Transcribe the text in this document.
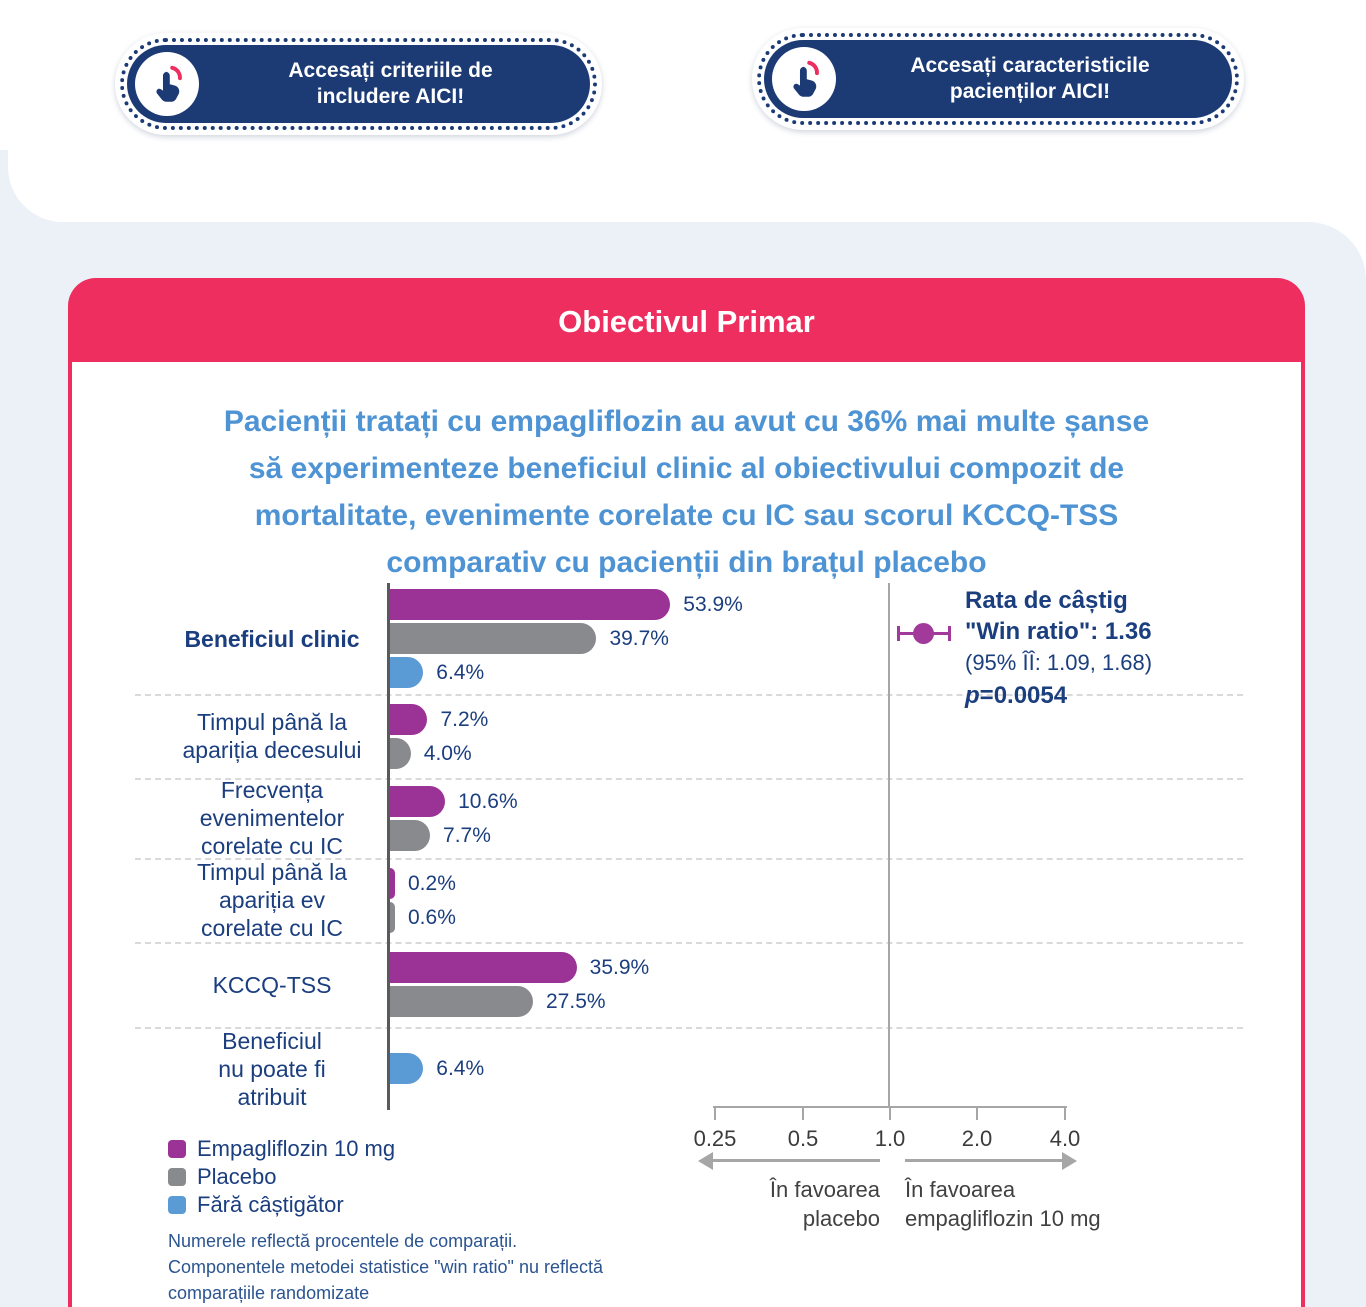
Accesați criteriile de
includere AICI!
Accesați caracteristicile
pacienților AICI!
Obiectivul Primar
Pacienții tratați cu empagliflozin au avut cu 36% mai multe șanse
să experimenteze beneficiul clinic al obiectivului compozit de
mortalitate, evenimente corelate cu IC sau scorul KCCQ-TSS
comparativ cu pacienții din brațul placebo
Rata de câștig
"Win ratio": 1.36
(95% ÎÎ: 1.09, 1.68)
p=0.0054
0.25	0.5	1.0	2.0	4.0
În favoarea
placebo
În favoarea
empagliflozin 10 mg
Empagliflozin 10 mg
Placebo
Fără câștigător
Numerele reflectă procentele de comparații.
Componentele metodei statistice "win ratio" nu reflectă
comparațiile randomizate
Beneficiul clinic
53.9%
39.7%
6.4%
Timpul până la
apariția decesului
7.2%
4.0%
Frecvența
evenimentelor
corelate cu IC
10.6%
7.7%
Timpul până la
apariția ev
corelate cu IC
0.2%
0.6%
KCCQ-TSS
35.9%
27.5%
Beneficiul
nu poate fi
atribuit
6.4%
